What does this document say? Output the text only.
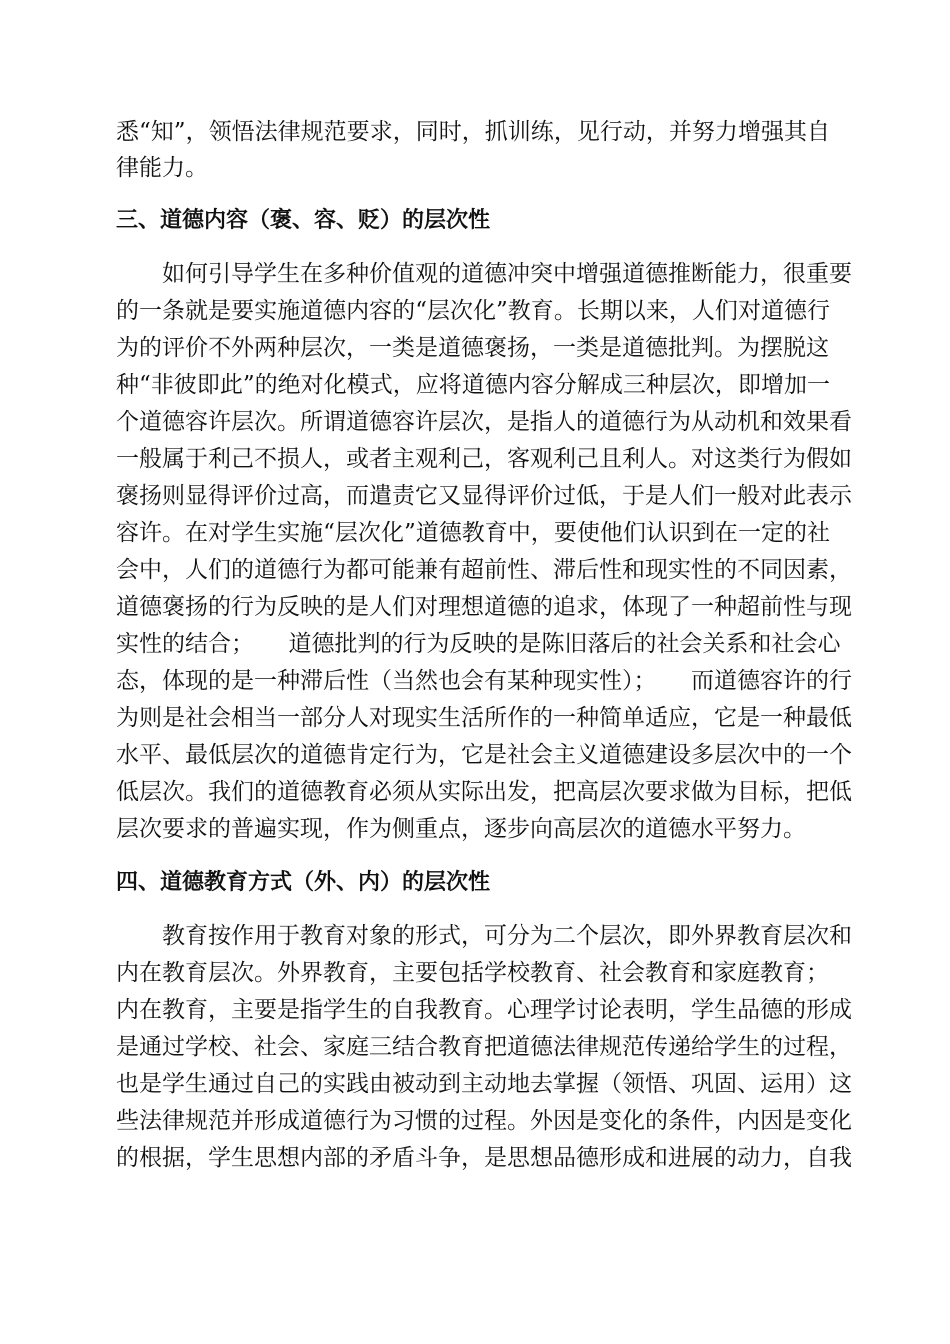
悉“知”，领悟法律规范要求，同时，抓训练，见行动，并努力增强其自

律能力。

三、道德内容（褒、容、贬）的层次性

如何引导学生在多种价值观的道德冲突中增强道德推断能力，很重要

的一条就是要实施道德内容的“层次化”教育。长期以来，人们对道德行

为的评价不外两种层次，一类是道德褒扬，一类是道德批判。为摆脱这

种“非彼即此”的绝对化模式，应将道德内容分解成三种层次，即增加一

个道德容许层次。所谓道德容许层次，是指人的道德行为从动机和效果看

一般属于利己不损人，或者主观利己，客观利己且利人。对这类行为假如

褒扬则显得评价过高，而遣责它又显得评价过低，于是人们一般对此表示

容许。在对学生实施“层次化”道德教育中，要使他们认识到在一定的社

会中，人们的道德行为都可能兼有超前性、滞后性和现实性的不同因素，

道德褒扬的行为反映的是人们对理想道德的追求，体现了一种超前性与现

实性的结合；　　道德批判的行为反映的是陈旧落后的社会关系和社会心

态，体现的是一种滞后性（当然也会有某种现实性）；　　而道德容许的行

为则是社会相当一部分人对现实生活所作的一种简单适应，它是一种最低

水平、最低层次的道德肯定行为，它是社会主义道德建设多层次中的一个

低层次。我们的道德教育必须从实际出发，把高层次要求做为目标，把低

层次要求的普遍实现，作为侧重点，逐步向高层次的道德水平努力。

四、道德教育方式（外、内）的层次性

教育按作用于教育对象的形式，可分为二个层次，即外界教育层次和

内在教育层次。外界教育，主要包括学校教育、社会教育和家庭教育；

内在教育，主要是指学生的自我教育。心理学讨论表明，学生品德的形成

是通过学校、社会、家庭三结合教育把道德法律规范传递给学生的过程，

也是学生通过自己的实践由被动到主动地去掌握（领悟、巩固、运用）这

些法律规范并形成道德行为习惯的过程。外因是变化的条件，内因是变化

的根据，学生思想内部的矛盾斗争，是思想品德形成和进展的动力，自我
